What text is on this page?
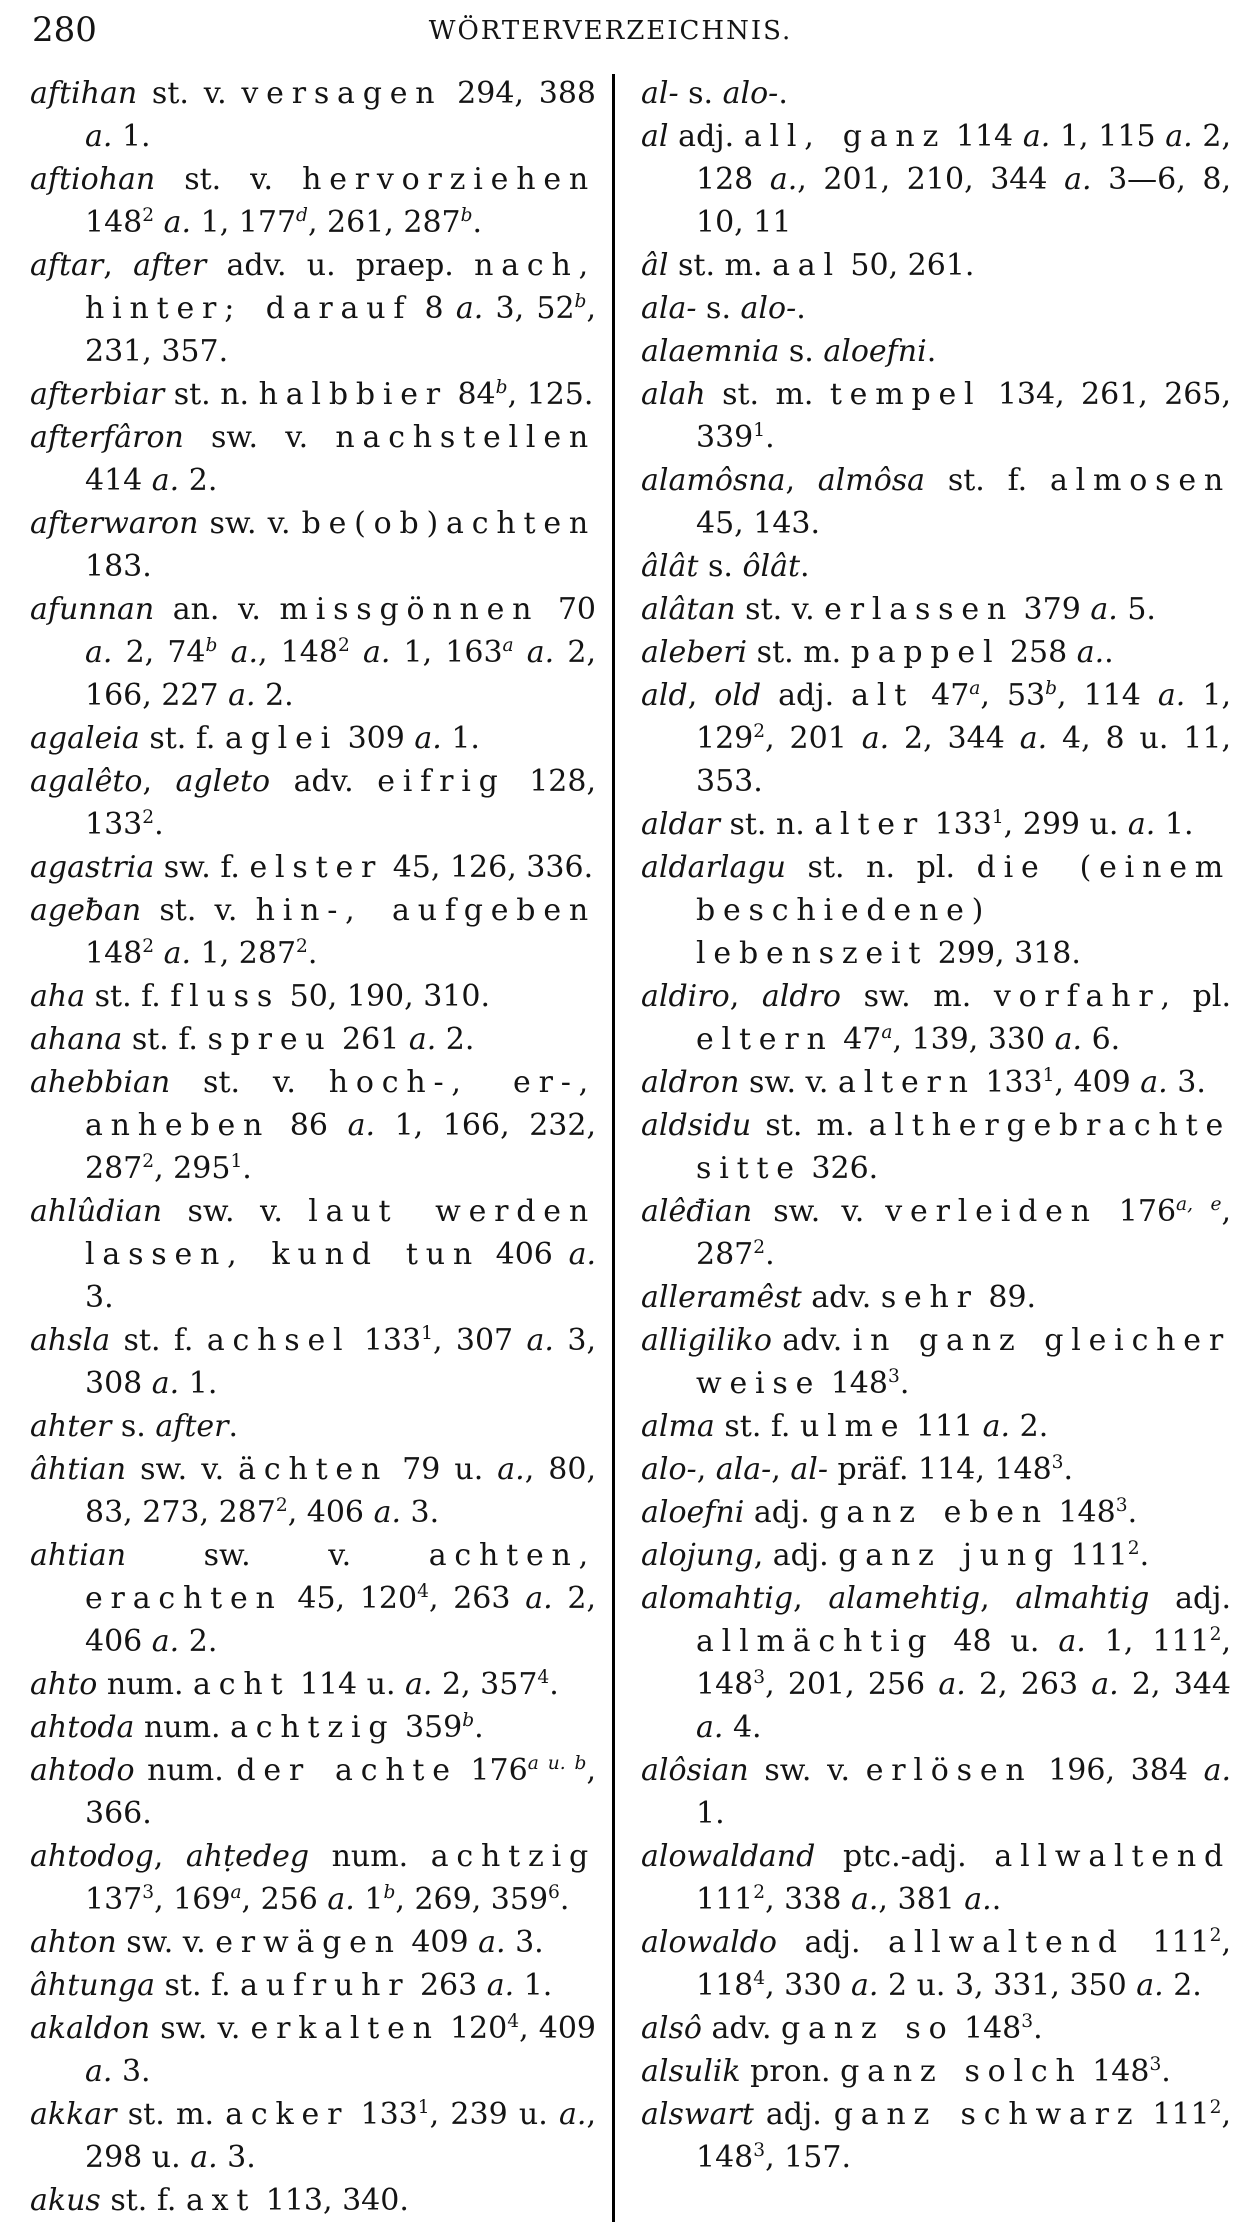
280	WÖRTERVERZEICHNIS.

aftihan st. v. versagen 294, 388 a. 1.

aftiohan st. v. hervorziehen $148^2$ a. 1, 177$^d$, 261, 287$^b$.

aftar, after adv. u. praep. nach, hinter; darauf 8 a. 3, 52$^b$, 231, 357.

afterbiar st. n. halbbier 84$^b$, 125.

afterfâron sw. v. nachstellen 414 a. 2.

afterwaron sw. v. be(ob)achten 183.

afunnan an. v. missgönnen 70 a. 2, 74$^b$ a., $148^2$ a. 1, 163$^a$ a. 2, 166, 227 a. 2.

agaleia st. f. aglei 309 a. 1.

agalêto, agleto adv. eifrig 128, $133^2$.

agastria sw. f. elster 45, 126, 336.

ageƀan st. v. hin-, aufgeben $148^2$ a. 1, $287^2$.

aha st. f. fluss 50, 190, 310.

ahana st. f. spreu 261 a. 2.

ahebbian st. v. hoch-, er-, anheben 86 a. 1, 166, 232, $287^2$, $295^1$.

ahlûdian sw. v. laut werden lassen, kund tun 406 a. 3.

ahsla st. f. achsel $133^1$, 307 a. 3, 308 a. 1.

ahter s. after.

âhtian sw. v. ächten 79 u. a., 80, 83, 273, $287^2$, 406 a. 3.

ahtian sw. v. achten, erachten 45, $120^4$, 263 a. 2, 406 a. 2.

ahto num. acht 114 u. a. 2, $357^4$.

ahtoda num. achtzig 359$^b$.

ahtodo num. der achte $176^{a u. b}$, 366.

ahtodog, ahṭedeg num. achtzig $137^3$, 169$^a$, 256 a. 1$^b$, 269, $359^6$.

ahton sw. v. erwägen 409 a. 3.

âhtunga st. f. aufruhr 263 a. 1.

akaldon sw. v. erkalten $120^4$, 409 a. 3.

akkar st. m. acker $133^1$, 239 u. a., 298 u. a. 3.

akus st. f. axt 113, 340.

al- s. alo-.

al adj. all, ganz 114 a. 1, 115 a. 2, 128 a., 201, 210, 344 a. 3—6, 8, 10, 11

âl st. m. aal 50, 261.

ala- s. alo-.

alaemnia s. aloefni.

alah st. m. tempel 134, 261, 265, $339^1$.

alamôsna, almôsa st. f. almosen 45, 143.

âlât s. ôlât.

alâtan st. v. erlassen 379 a. 5.

aleberi st. m. pappel 258 a..

ald, old adj. alt 47$^a$, 53$^b$, 114 a. 1, $129^2$, 201 a. 2, 344 a. 4, 8 u. 11, 353.

aldar st. n. alter $133^1$, 299 u. a. 1.

aldarlagu st. n. pl. die (einem beschiedene) lebenszeit 299, 318.

aldiro, aldro sw. m. vorfahr, pl. eltern 47$^a$, 139, 330 a. 6.

aldron sw. v. altern $133^1$, 409 a. 3.

aldsidu st. m. althergebrachte sitte 326.

alêđian sw. v. verleiden 176$^{a, e}$, $287^2$.

alleramêst adv. sehr 89.

alligiliko adv. in ganz gleicher weise $148^3$.

alma st. f. ulme 111 a. 2.

alo-, ala-, al- präf. 114, $148^3$.

aloefni adj. ganz eben $148^3$.

alojung, adj. ganz jung $111^2$.

alomahtig, alamehtig, almahtig adj. allmächtig 48 u. a. 1, $111^2$, $148^3$, 201, 256 a. 2, 263 a. 2, 344 a. 4.

alôsian sw. v. erlösen 196, 384 a. 1.

alowaldand ptc.-adj. allwaltend $111^2$, 338 a., 381 a..

alowaldo adj. allwaltend $111^2$, $118^4$, 330 a. 2 u. 3, 331, 350 a. 2.

alsô adv. ganz so $148^3$.

alsulik pron. ganz solch $148^3$.

alswart adj. ganz schwarz $111^2$, $148^3$, 157.
